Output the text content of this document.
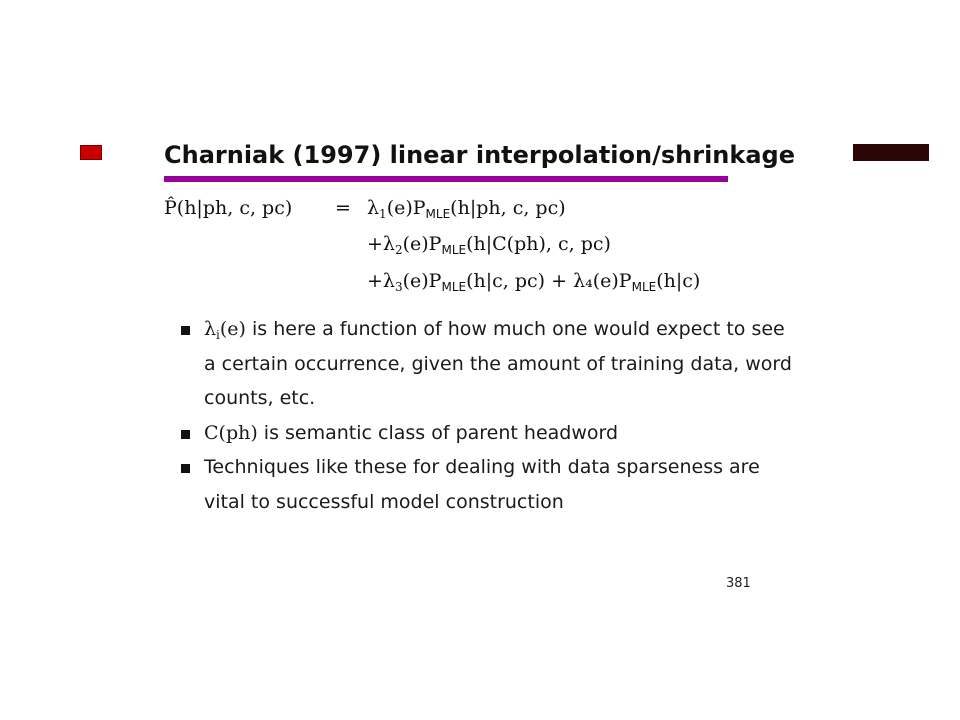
Charniak (1997) linear interpolation/shrinkage
P̂(h|ph, c, $pc) = \lambda_1(e)P_{MLE}(h|ph$, c, pc)
$+\lambda_2(e)P_{MLE}(h|C(ph)$, c, pc)
$+\lambda_3(e)P_{MLE}(h|c$, $pc) + \lambda_4(e)P_{MLE}(h|c)$
$\lambda_i(e)$ is here a function of how much one would expect to see a certain occurrence, given the amount of training data, word counts, etc.
C(ph) is semantic class of parent headword
Techniques like these for dealing with data sparseness are vital to successful model construction
381
